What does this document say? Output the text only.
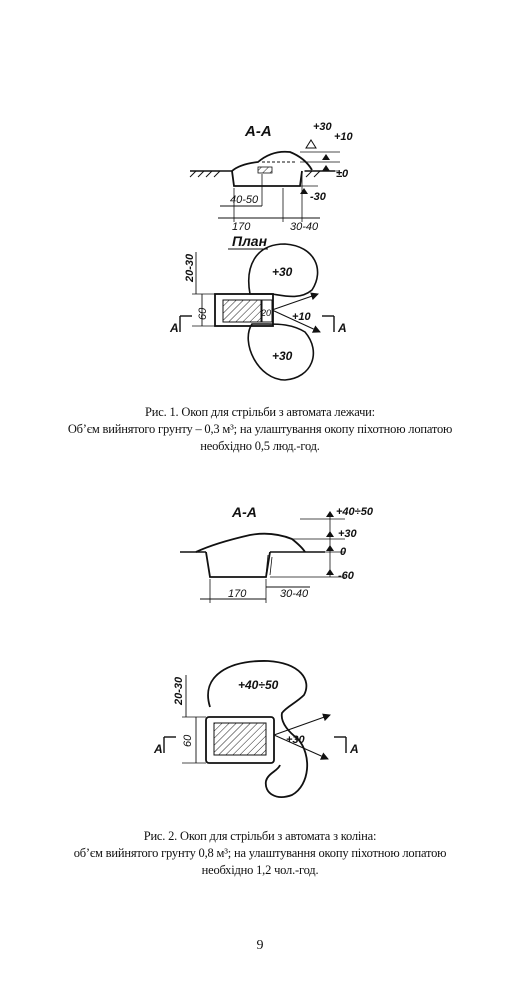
А-А	+30
+10
±0
-30
40-50
170	30-40
План
+30
+30
20
20-30
60	+10
А	А
Рис. 1. Окоп для стрільби з автомата лежачи:
Об’єм вийнятого грунту – 0,3 м³; на улаштування окопу піхотною лопатою
необхідно 0,5 люд.-год.
А-А	+40÷50
+30
0
-60
170	30-40
+40÷50
20-30
60	+30
А	А
Рис. 2. Окоп для стрільби з автомата з коліна:
об’єм вийнятого грунту 0,8 м³; на улаштування окопу піхотною лопатою
необхідно 1,2 чол.-год.
9
